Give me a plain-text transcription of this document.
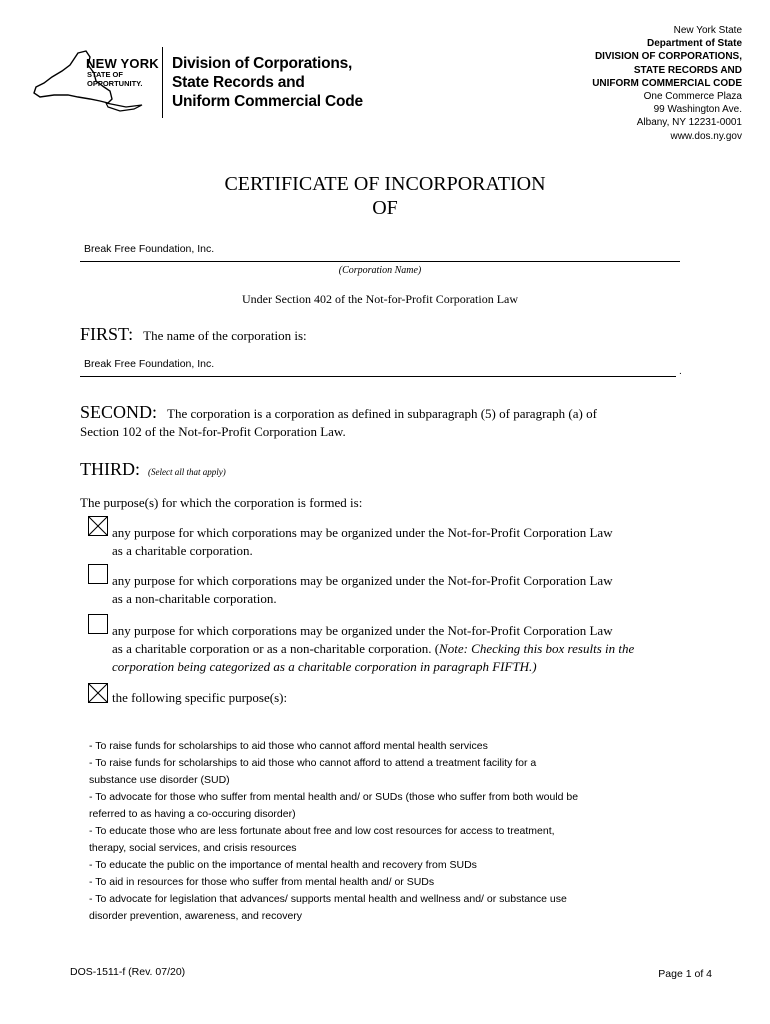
NEW YORK
STATE OF
OPPORTUNITY.
Division of Corporations,
State Records and
Uniform Commercial Code
New York State
Department of State
DIVISION OF CORPORATIONS,
STATE RECORDS AND
UNIFORM COMMERCIAL CODE
One Commerce Plaza
99 Washington Ave.
Albany, NY 12231-0001
www.dos.ny.gov
CERTIFICATE OF INCORPORATION
OF
Break Free Foundation, Inc.
(Corporation Name)
Under Section 402 of the Not-for-Profit Corporation Law
FIRST: The name of the corporation is:
Break Free Foundation, Inc.
.
SECOND: The corporation is a corporation as defined in subparagraph (5) of paragraph (a) of
Section 102 of the Not-for-Profit Corporation Law.
THIRD: (Select all that apply)
The purpose(s) for which the corporation is formed is:
any purpose for which corporations may be organized under the Not-for-Profit Corporation Law
as a charitable corporation.
any purpose for which corporations may be organized under the Not-for-Profit Corporation Law
as a non-charitable corporation.
any purpose for which corporations may be organized under the Not-for-Profit Corporation Law
as a charitable corporation or as a non-charitable corporation. (Note: Checking this box results in the
corporation being categorized as a charitable corporation in paragraph FIFTH.)
the following specific purpose(s):
- To raise funds for scholarships to aid those who cannot afford mental health services
- To raise funds for scholarships to aid those who cannot afford to attend a treatment facility for a
substance use disorder (SUD)
- To advocate for those who suffer from mental health and/ or SUDs (those who suffer from both would be
referred to as having a co-occuring disorder)
- To educate those who are less fortunate about free and low cost resources for access to treatment,
therapy, social services, and crisis resources
- To educate the public on the importance of mental health and recovery from SUDs
- To aid in resources for those who suffer from mental health and/ or SUDs
- To advocate for legislation that advances/ supports mental health and wellness and/ or substance use
disorder prevention, awareness, and recovery
DOS-1511-f (Rev. 07/20)	Page 1 of 4
